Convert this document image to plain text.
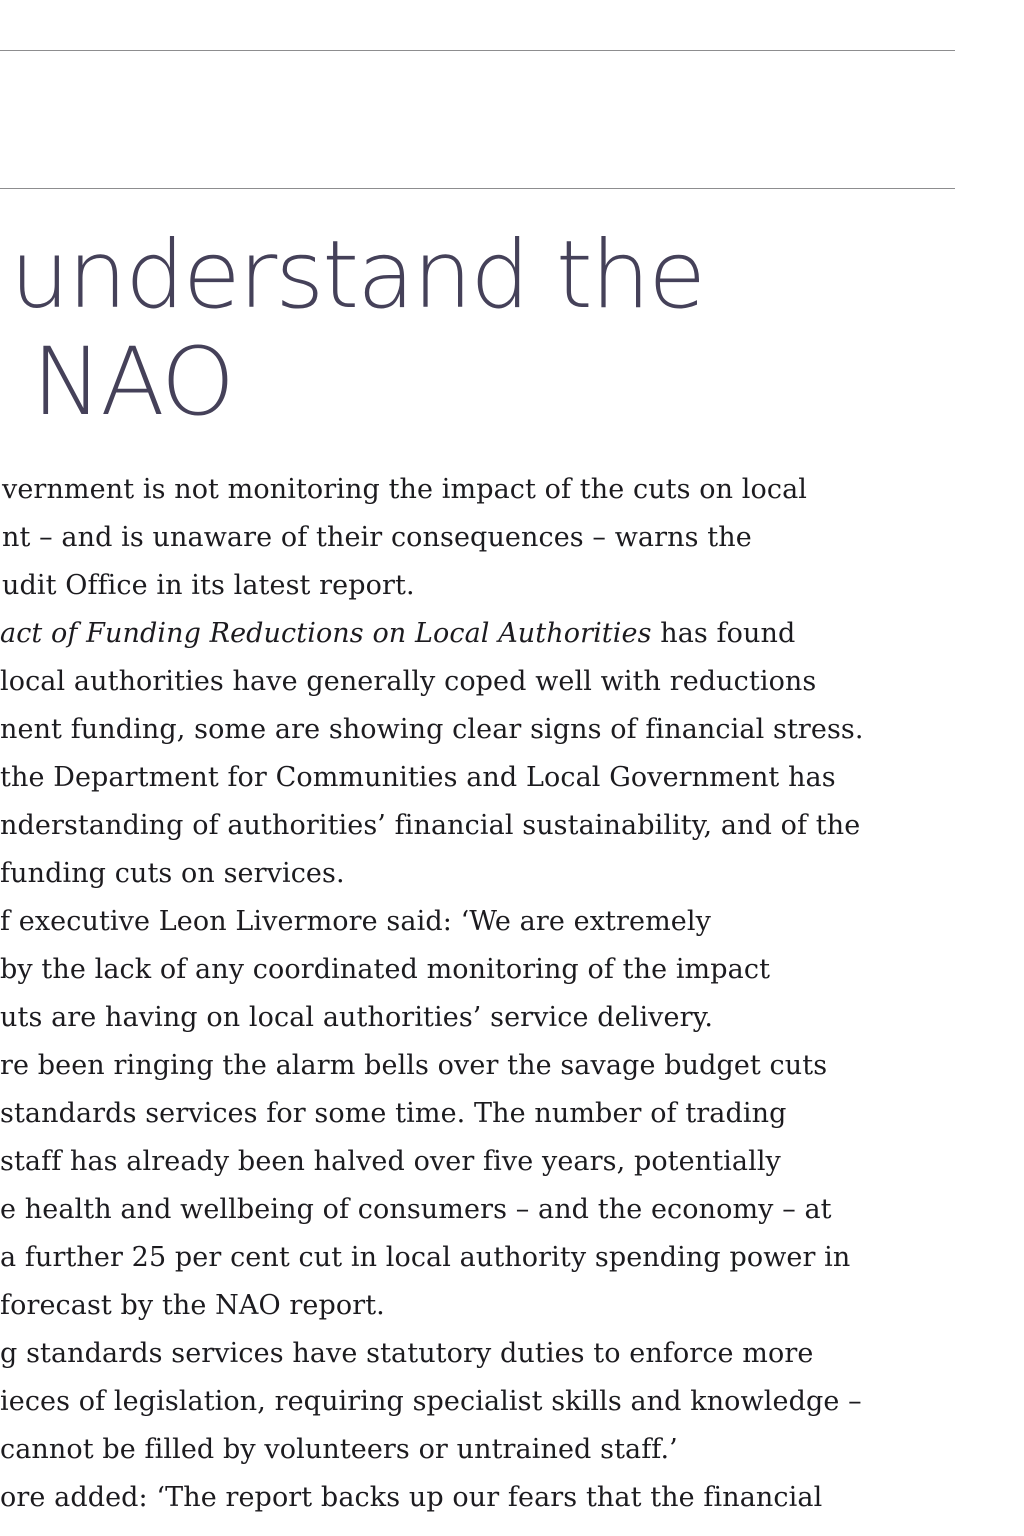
understand the
NAO
vernment is not monitoring the impact of the cuts on local
nt – and is unaware of their consequences – warns the
udit Office in its latest report.
act of Funding Reductions on Local Authorities has found
local authorities have generally coped well with reductions
nent funding, some are showing clear signs of financial stress.
the Department for Communities and Local Government has
nderstanding of authorities’ financial sustainability, and of the
funding cuts on services.
f executive Leon Livermore said: ‘We are extremely
by the lack of any coordinated monitoring of the impact
uts are having on local authorities’ service delivery.
re been ringing the alarm bells over the savage budget cuts
standards services for some time. The number of trading
staff has already been halved over five years, potentially
e health and wellbeing of consumers – and the economy – at
a further 25 per cent cut in local authority spending power in
forecast by the NAO report.
g standards services have statutory duties to enforce more
ieces of legislation, requiring specialist skills and knowledge –
cannot be filled by volunteers or untrained staff.’
ore added: ‘The report backs up our fears that the financial
